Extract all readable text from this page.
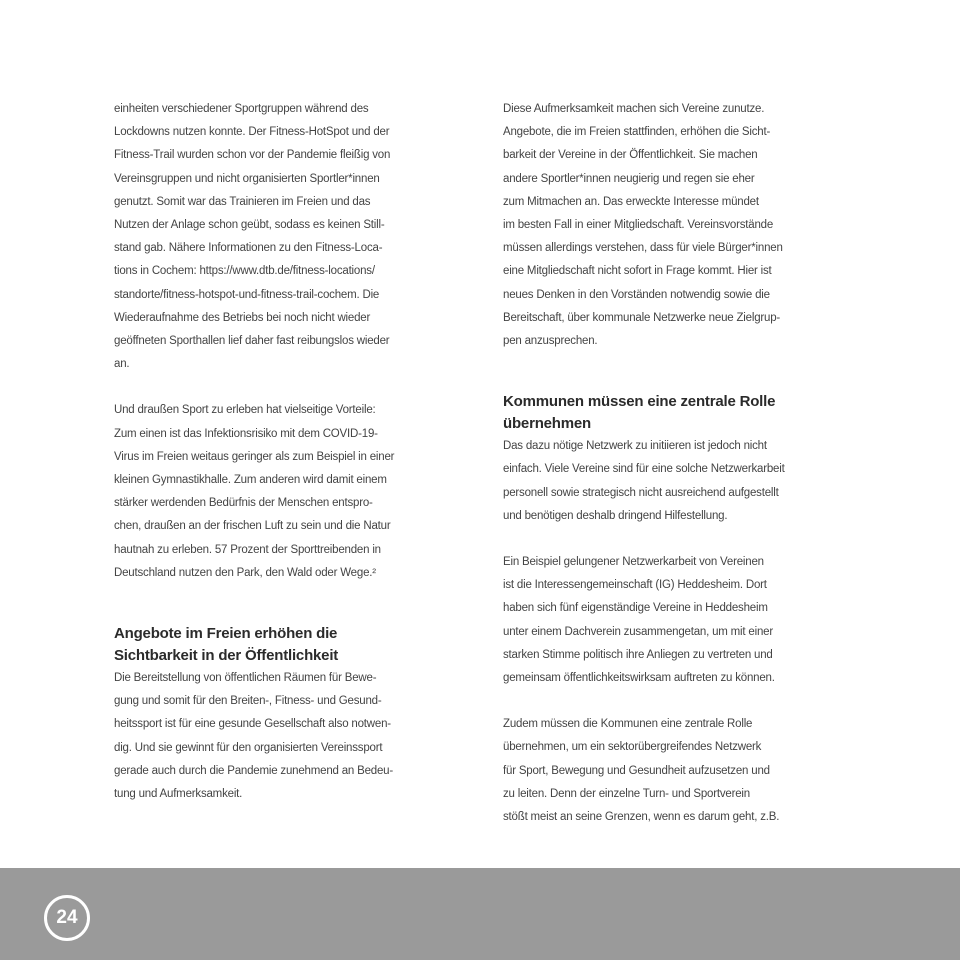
einheiten verschiedener Sportgruppen während des
Lockdowns nutzen konnte. Der Fitness-HotSpot und der
Fitness-Trail wurden schon vor der Pandemie fleißig von
Vereinsgruppen und nicht organisierten Sportler*innen
genutzt. Somit war das Trainieren im Freien und das
Nutzen der Anlage schon geübt, sodass es keinen Still-
stand gab. Nähere Informationen zu den Fitness-Loca-
tions in Cochem: https://www.dtb.de/fitness-locations/
standorte/fitness-hotspot-und-fitness-trail-cochem. Die
Wiederaufnahme des Betriebs bei noch nicht wieder
geöffneten Sporthallen lief daher fast reibungslos wieder
an.
Und draußen Sport zu erleben hat vielseitige Vorteile:
Zum einen ist das Infektionsrisiko mit dem COVID-19-
Virus im Freien weitaus geringer als zum Beispiel in einer
kleinen Gymnastikhalle. Zum anderen wird damit einem
stärker werdenden Bedürfnis der Menschen entspro-
chen, draußen an der frischen Luft zu sein und die Natur
hautnah zu erleben. 57 Prozent der Sporttreibenden in
Deutschland nutzen den Park, den Wald oder Wege.²
Angebote im Freien erhöhen die
Sichtbarkeit in der Öffentlichkeit
Die Bereitstellung von öffentlichen Räumen für Bewe-
gung und somit für den Breiten-, Fitness- und Gesund-
heitssport ist für eine gesunde Gesellschaft also notwen-
dig. Und sie gewinnt für den organisierten Vereinssport
gerade auch durch die Pandemie zunehmend an Bedeu-
tung und Aufmerksamkeit.
Diese Aufmerksamkeit machen sich Vereine zunutze.
Angebote, die im Freien stattfinden, erhöhen die Sicht-
barkeit der Vereine in der Öffentlichkeit. Sie machen
andere Sportler*innen neugierig und regen sie eher
zum Mitmachen an. Das erweckte Interesse mündet
im besten Fall in einer Mitgliedschaft. Vereinsvorstände
müssen allerdings verstehen, dass für viele Bürger*innen
eine Mitgliedschaft nicht sofort in Frage kommt. Hier ist
neues Denken in den Vorständen notwendig sowie die
Bereitschaft, über kommunale Netzwerke neue Zielgrup-
pen anzusprechen.
Kommunen müssen eine zentrale Rolle
übernehmen
Das dazu nötige Netzwerk zu initiieren ist jedoch nicht
einfach. Viele Vereine sind für eine solche Netzwerkarbeit
personell sowie strategisch nicht ausreichend aufgestellt
und benötigen deshalb dringend Hilfestellung.
Ein Beispiel gelungener Netzwerkarbeit von Vereinen
ist die Interessengemeinschaft (IG) Heddesheim. Dort
haben sich fünf eigenständige Vereine in Heddesheim
unter einem Dachverein zusammengetan, um mit einer
starken Stimme politisch ihre Anliegen zu vertreten und
gemeinsam öffentlichkeitswirksam auftreten zu können.
Zudem müssen die Kommunen eine zentrale Rolle
übernehmen, um ein sektorübergreifendes Netzwerk
für Sport, Bewegung und Gesundheit aufzusetzen und
zu leiten. Denn der einzelne Turn- und Sportverein
stößt meist an seine Grenzen, wenn es darum geht, z.B.
24
